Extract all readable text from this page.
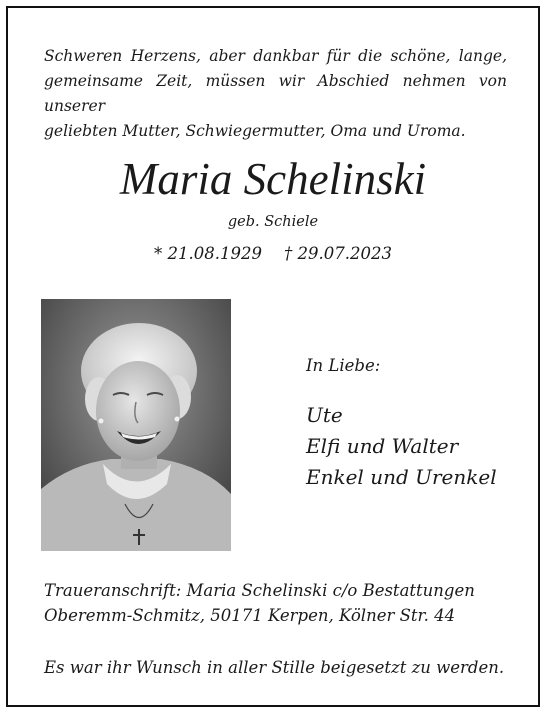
Schweren Herzens, aber dankbar für die schöne, lange,
gemeinsame Zeit, müssen wir Abschied nehmen von unserer
geliebten Mutter, Schwiegermutter, Oma und Uroma.

Maria Schelinski

geb. Schiele

* 21.08.1929 † 29.07.2023

In Liebe:

Ute
Elfi und Walter
Enkel und Urenkel

Traueranschrift: Maria Schelinski c/o Bestattungen
Oberemm-Schmitz, 50171 Kerpen, Kölner Str. 44

Es war ihr Wunsch in aller Stille beigesetzt zu werden.
